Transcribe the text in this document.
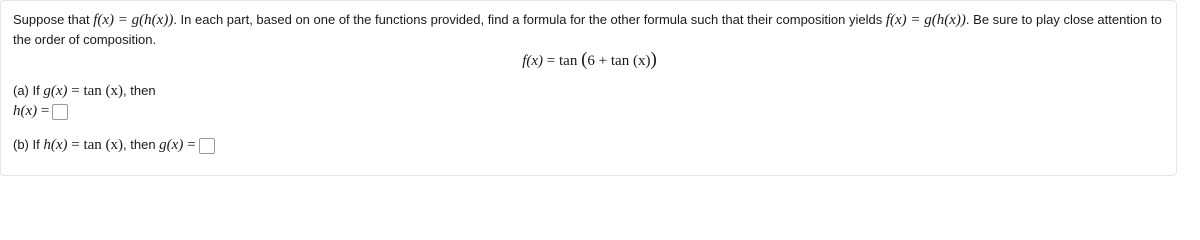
Suppose that f(x) = g(h(x)). In each part, based on one of the functions provided, find a formula for the other formula such that their composition yields f(x) = g(h(x)). Be sure to play close attention to the order of composition.
f(x) = tan (6 + tan (x))
(a) If g(x) = tan (x), then
h(x) =
(b) If h(x) = tan (x), then g(x) =
